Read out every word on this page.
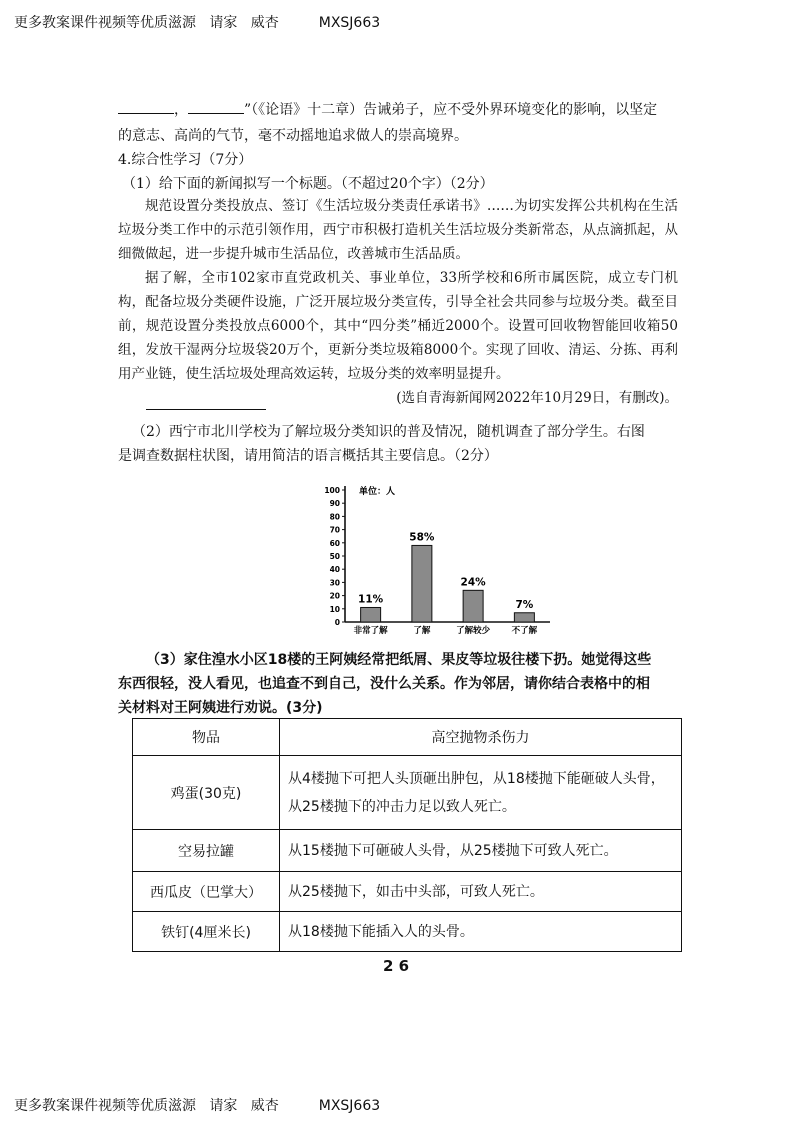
更多教案课件视频等优质滋源   请家   威杏         MXSJ663
，	”（《论语》十二章）告诫弟子，应不受外界环境变化的影响，以坚定
的意志、高尚的气节，毫不动摇地追求做人的崇高境界。
4.综合性学习（7分）
（1）给下面的新闻拟写一个标题。（不超过20个字）（2分）

规范设置分类投放点、签订《生活垃圾分类责任承诺书》……为切实发挥公共机构在生活垃圾分类工作中的示范引领作用，西宁市积极打造机关生活垃圾分类新常态，从点滴抓起，从细微做起，进一步提升城市生活品位，改善城市生活品质。

据了解，全市102家市直党政机关、事业单位，33所学校和6所市属医院，成立专门机构，配备垃圾分类硬件设施，广泛开展垃圾分类宣传，引导全社会共同参与垃圾分类。截至目前，规范设置分类投放点6000个，其中“四分类”桶近2000个。设置可回收物智能回收箱50组，发放干湿两分垃圾袋20万个，更新分类垃圾箱8000个。实现了回收、清运、分拣、再利用产业链，使生活垃圾处理高效运转，垃圾分类的效率明显提升。

(选自青海新闻网2022年10月29日，有删改)。

（2）西宁市北川学校为了解垃圾分类知识的普及情况，随机调查了部分学生。右图
是调查数据柱状图，请用简洁的语言概括其主要信息。（2分）
0
10
20
30
40
50
60
70
80
90
100 单位：人
11%
非常了解
58%
了解
24%
了解较少
7%
不了解
（3）家住湟水小区18楼的王阿姨经常把纸屑、果皮等垃圾往楼下扔。她觉得这些
东西很轻，没人看见，也追查不到自己，没什么关系。作为邻居，请你结合表格中的相
关材料对王阿姨进行劝说。(3分)
物品	高空抛物杀伤力
鸡蛋(30克)	从4楼抛下可把人头顶砸出肿包，从18楼抛下能砸破人头骨，从25楼抛下的冲击力足以致人死亡。
空易拉罐	从15楼抛下可砸破人头骨，从25楼抛下可致人死亡。
西瓜皮（巴掌大）	从25楼抛下，如击中头部，可致人死亡。
铁钉(4厘米长)	从18楼抛下能插入人的头骨。
2 6
更多教案课件视频等优质滋源   请家   威杏         MXSJ663
